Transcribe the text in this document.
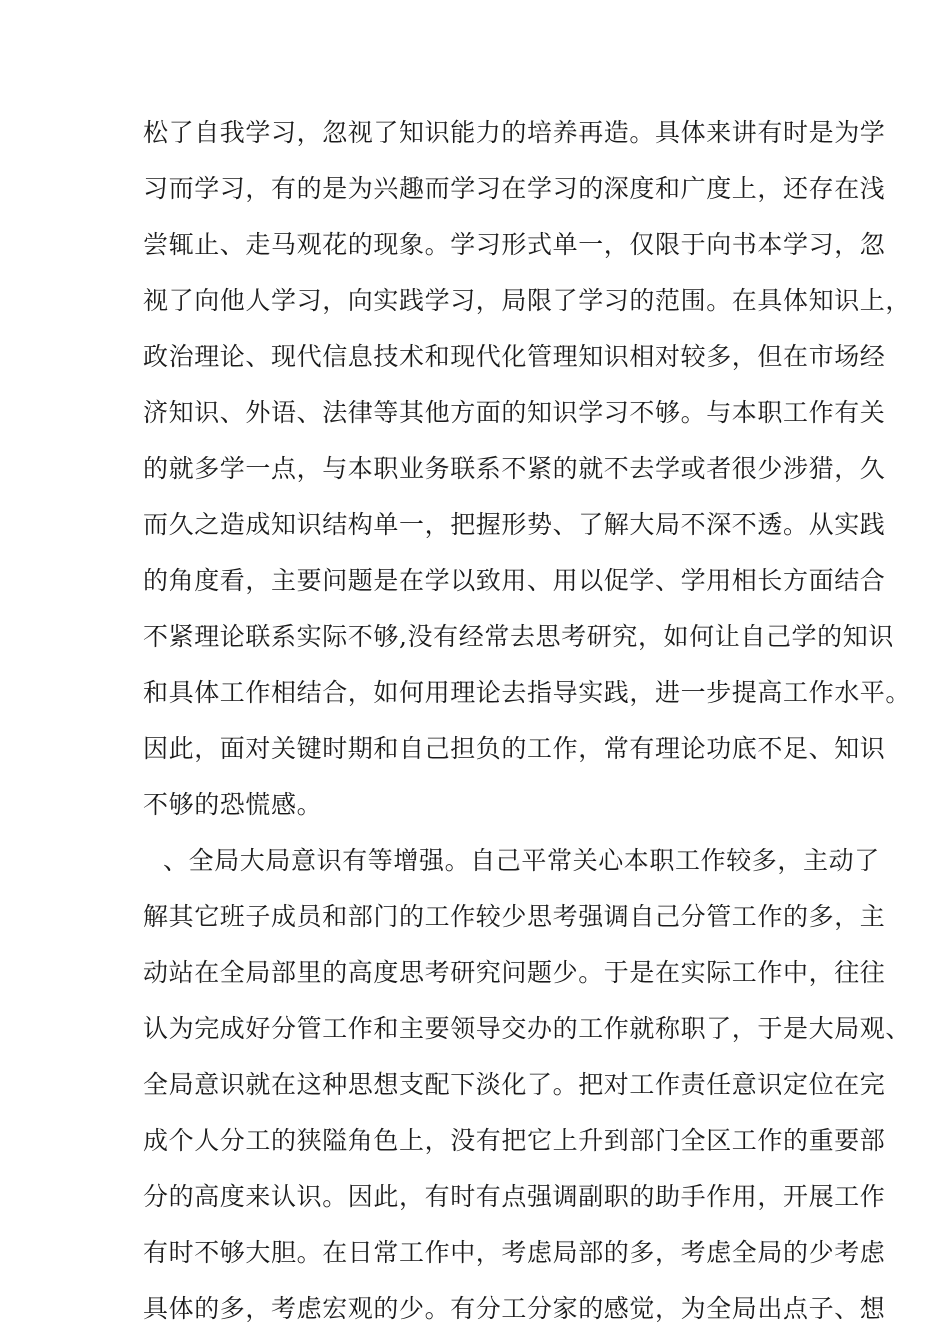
松了自我学习，忽视了知识能力的培养再造。具体来讲有时是为学
习而学习，有的是为兴趣而学习在学习的深度和广度上，还存在浅
尝辄止、走马观花的现象。学习形式单一，仅限于向书本学习，忽
视了向他人学习，向实践学习，局限了学习的范围。在具体知识上，
政治理论、现代信息技术和现代化管理知识相对较多，但在市场经
济知识、外语、法律等其他方面的知识学习不够。与本职工作有关
的就多学一点，与本职业务联系不紧的就不去学或者很少涉猎，久
而久之造成知识结构单一，把握形势、了解大局不深不透。从实践
的角度看，主要问题是在学以致用、用以促学、学用相长方面结合
不紧理论联系实际不够,没有经常去思考研究，如何让自己学的知识
和具体工作相结合，如何用理论去指导实践，进一步提高工作水平。
因此，面对关键时期和自己担负的工作，常有理论功底不足、知识
不够的恐慌感。
、全局大局意识有等增强。自己平常关心本职工作较多，主动了
解其它班子成员和部门的工作较少思考强调自己分管工作的多，主
动站在全局部里的高度思考研究问题少。于是在实际工作中，往往
认为完成好分管工作和主要领导交办的工作就称职了，于是大局观、
全局意识就在这种思想支配下淡化了。把对工作责任意识定位在完
成个人分工的狭隘角色上，没有把它上升到部门全区工作的重要部
分的高度来认识。因此，有时有点强调副职的助手作用，开展工作
有时不够大胆。在日常工作中，考虑局部的多，考虑全局的少考虑
具体的多，考虑宏观的少。有分工分家的感觉，为全局出点子、想
